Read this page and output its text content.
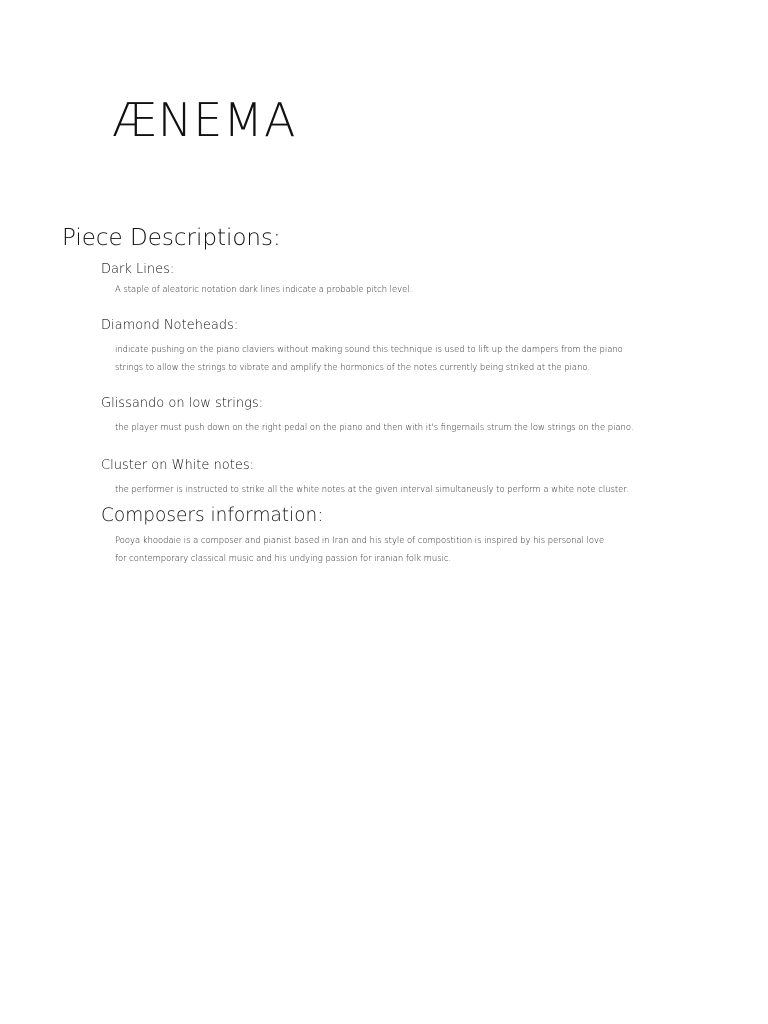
ÆNEMA
Piece Descriptions:
Dark Lines:

A staple of aleatoric notation dark lines indicate a probable pitch level.

Diamond Noteheads:

indicate pushing on the piano claviers without making sound this technique is used to lift up the dampers from the piano strings to allow the strings to vibrate and amplify the hormonics of the notes currently being striked at the piano.

Glissando on low strings:

the player must push down on the right pedal on the piano and then with it's fingernails strum the low strings on the piano.

Cluster on White notes:

the performer is instructed to strike all the white notes at the given interval simultaneusly to perform a white note cluster.

Composers information:

Pooya khoodaie is a composer and pianist based in Iran and his style of compostition is inspired by his personal love for contemporary classical music and his undying passion for iranian folk music.
